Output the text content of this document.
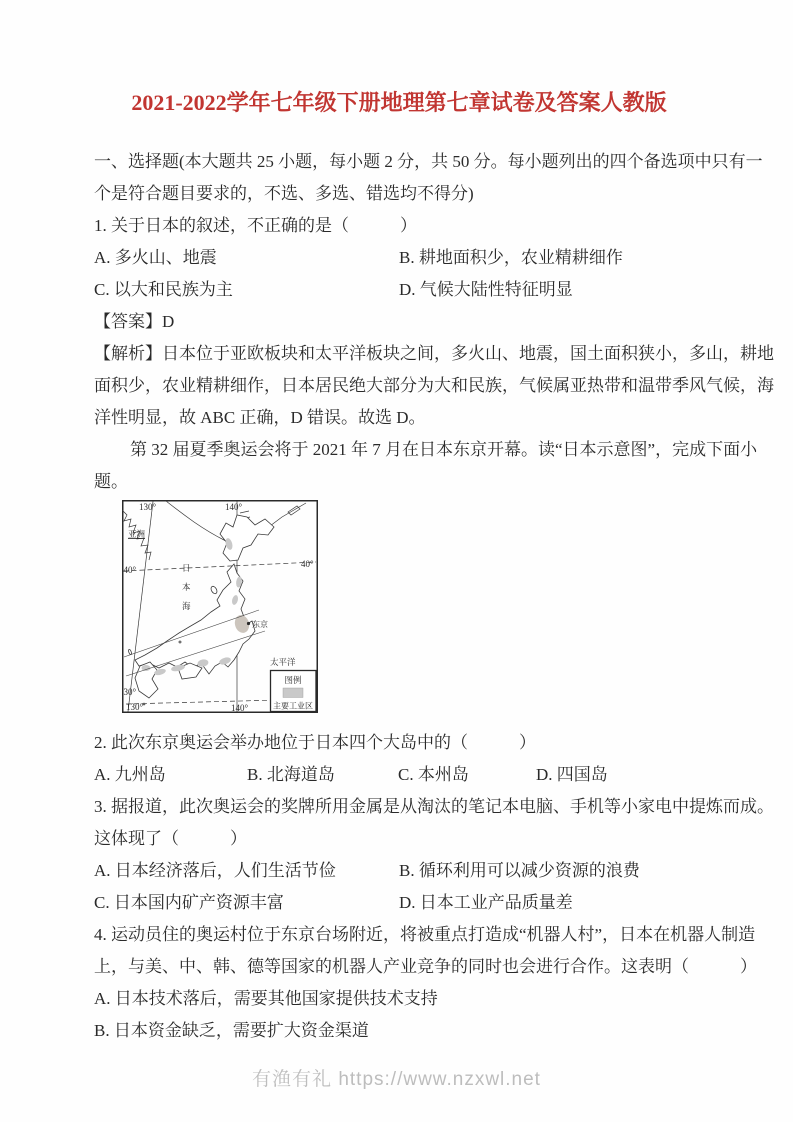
2021-2022学年七年级下册地理第七章试卷及答案人教版
一、选择题(本大题共 25 小题，每小题 2 分，共 50 分。每小题列出的四个备选项中只有一
个是符合题目要求的，不选、多选、错选均不得分)
1. 关于日本的叙述，不正确的是（　　　）
A. 多火山、地震	B. 耕地面积少，农业精耕细作
C. 以大和民族为主	D. 气候大陆性特征明显
【答案】D
【解析】日本位于亚欧板块和太平洋板块之间，多火山、地震，国土面积狭小，多山，耕地
面积少，农业精耕细作，日本居民绝大部分为大和民族，气候属亚热带和温带季风气候，海
洋性明显，故 ABC 正确，D 错误。故选 D。
第 32 届夏季奥运会将于 2021 年 7 月在日本东京开幕。读“日本示意图”，完成下面小
题。
130°	140°
40°
40°
30°
130°	140°
亚洲
日
本
海
东京
太平洋
图例
主要工业区
2. 此次东京奥运会举办地位于日本四个大岛中的（　　　）
A. 九州岛	B. 北海道岛	C. 本州岛	D. 四国岛
3. 据报道，此次奥运会的奖牌所用金属是从淘汰的笔记本电脑、手机等小家电中提炼而成。
这体现了（　　　）
A. 日本经济落后，人们生活节俭	B. 循环利用可以减少资源的浪费
C. 日本国内矿产资源丰富	D. 日本工业产品质量差
4. 运动员住的奥运村位于东京台场附近，将被重点打造成“机器人村”，日本在机器人制造
上，与美、中、韩、德等国家的机器人产业竞争的同时也会进行合作。这表明（　　　）
A. 日本技术落后，需要其他国家提供技术支持
B. 日本资金缺乏，需要扩大资金渠道
有渔有礼 https://www.nzxwl.net
